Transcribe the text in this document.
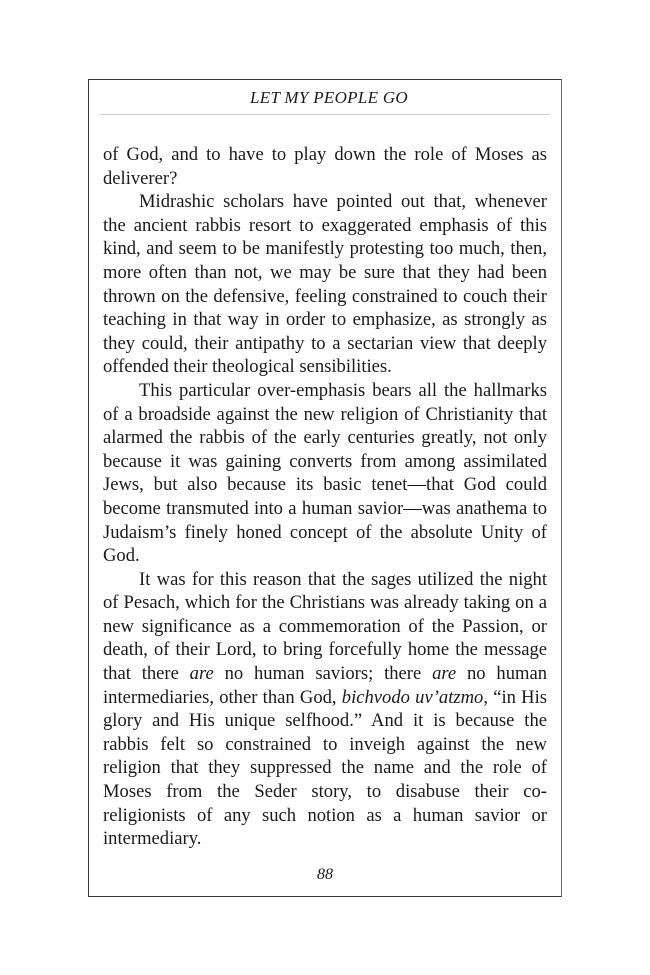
LET MY PEOPLE GO

of God, and to have to play down the role of Moses as deliverer?

Midrashic scholars have pointed out that, whenever the ancient rabbis resort to exaggerated emphasis of this kind, and seem to be manifestly protesting too much, then, more often than not, we may be sure that they had been thrown on the defensive, feeling constrained to couch their teaching in that way in order to emphasize, as strongly as they could, their antipathy to a sectarian view that deeply offended their theological sensibilities.

This particular over-emphasis bears all the hallmarks of a broadside against the new religion of Christianity that alarmed the rabbis of the early centuries greatly, not only because it was gaining converts from among assimilated Jews, but also because its basic tenet—that God could become transmuted into a human savior—was anathema to Judaism’s finely honed concept of the absolute Unity of God.

It was for this reason that the sages utilized the night of Pesach, which for the Christians was already taking on a new significance as a commemoration of the Passion, or death, of their Lord, to bring forcefully home the message that there are no human saviors; there are no human intermediaries, other than God, bichvodo uv’atzmo, “in His glory and His unique selfhood.” And it is because the rabbis felt so constrained to inveigh against the new religion that they suppressed the name and the role of Moses from the Seder story, to disabuse their co-religionists of any such notion as a human savior or intermediary.

88
